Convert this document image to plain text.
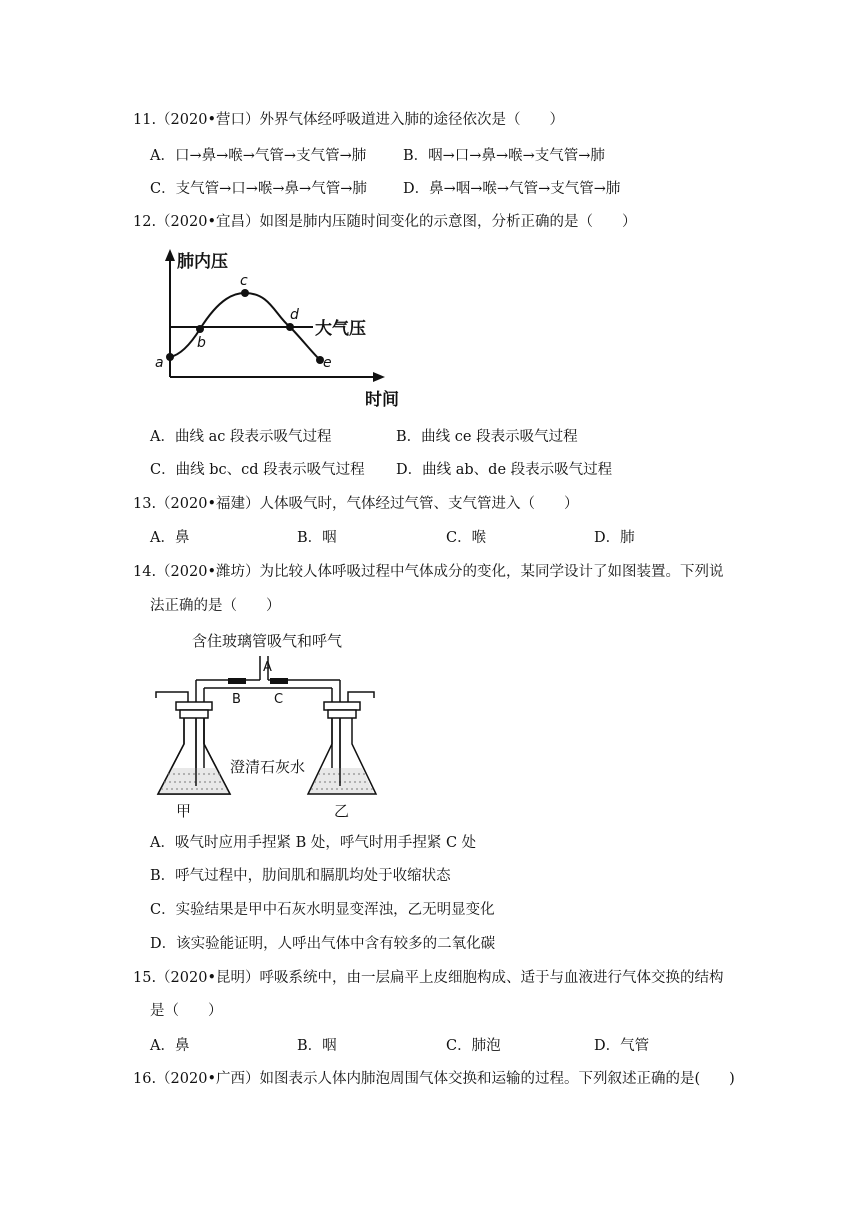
11.（2020•营口）外界气体经呼吸道进入肺的途径依次是（　　）
A．口→鼻→喉→气管→支气管→肺	B．咽→口→鼻→喉→支气管→肺
C．支气管→口→喉→鼻→气管→肺 D．鼻→咽→喉→气管→支气管→肺
12.（2020•宜昌）如图是肺内压随时间变化的示意图，分析正确的是（　　）
肺内压
时间
大气压
a
b
c
d
e
A．曲线 ac 段表示吸气过程	B．曲线 ce 段表示吸气过程
C．曲线 bc、cd 段表示吸气过程 D．曲线 ab、de 段表示吸气过程
13.（2020•福建）人体吸气时，气体经过气管、支气管进入（　　）
A．鼻	B．咽	C．喉	D．肺
14.（2020•潍坊）为比较人体呼吸过程中气体成分的变化，某同学设计了如图装置。下列说
法正确的是（　　）
含住玻璃管吸气和呼气
A
B	C
澄清石灰水
甲	乙
A．吸气时应用手捏紧 B 处，呼气时用手捏紧 C 处
B．呼气过程中，肋间肌和膈肌均处于收缩状态
C．实验结果是甲中石灰水明显变浑浊，乙无明显变化
D．该实验能证明，人呼出气体中含有较多的二氧化碳
15.（2020•昆明）呼吸系统中，由一层扁平上皮细胞构成、适于与血液进行气体交换的结构
是（　　）
A．鼻	B．咽	C．肺泡	D．气管
16.（2020•广西）如图表示人体内肺泡周围气体交换和运输的过程。下列叙述正确的是(　　)
